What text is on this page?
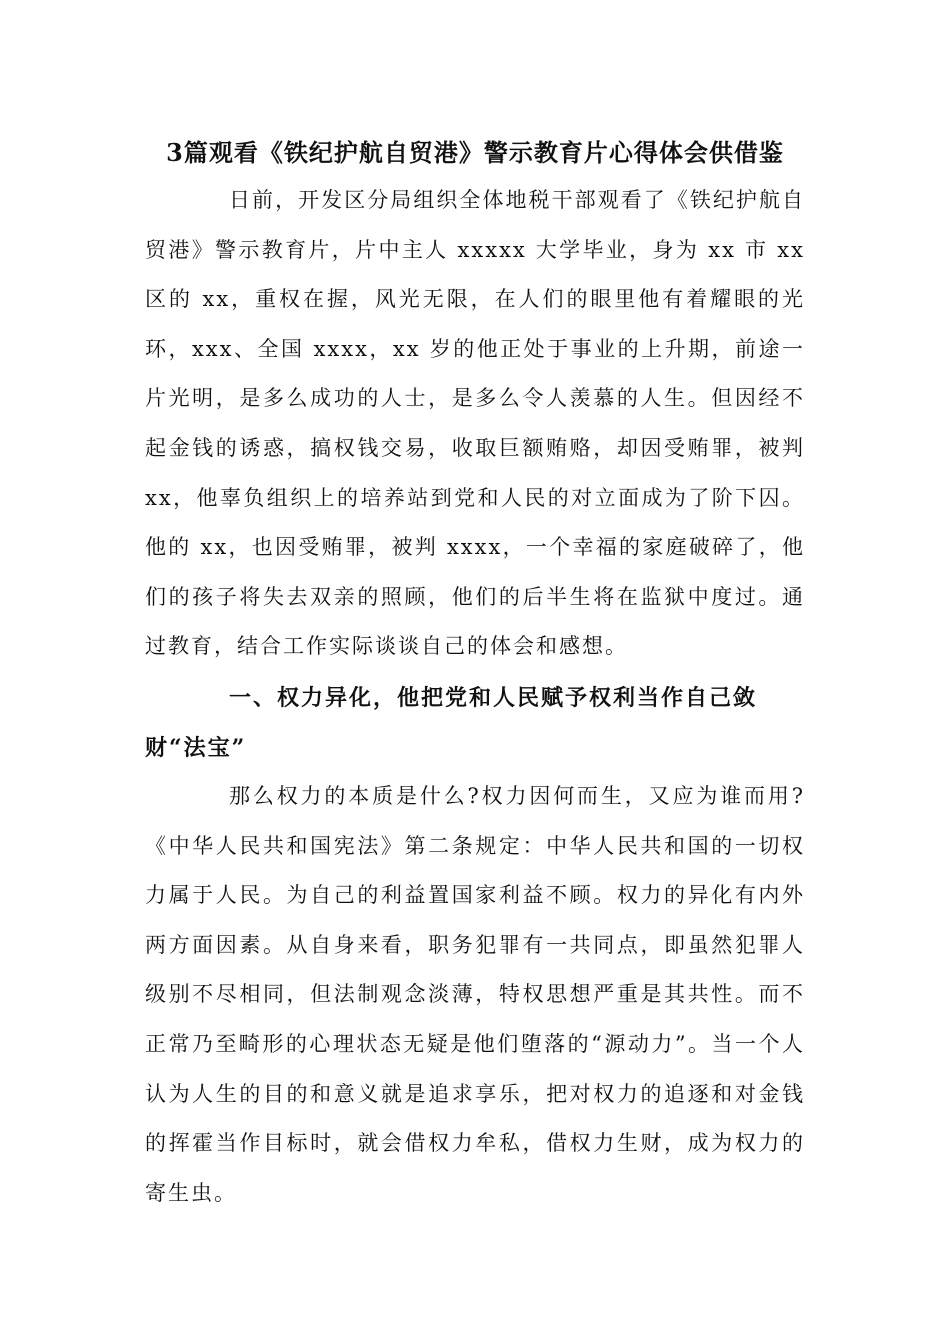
3篇观看《铁纪护航自贸港》警示教育片心得体会供借鉴

日前，开发区分局组织全体地税干部观看了《铁纪护航自贸港》警示教育片，片中主人 xxxxx 大学毕业，身为 xx 市 xx 区的 xx，重权在握，风光无限，在人们的眼里他有着耀眼的光环，xxx、全国 xxxx，xx 岁的他正处于事业的上升期，前途一片光明，是多么成功的人士，是多么令人羡慕的人生。但因经不起金钱的诱惑，搞权钱交易，收取巨额贿赂，却因受贿罪，被判 xx，他辜负组织上的培养站到党和人民的对立面成为了阶下囚。他的 xx，也因受贿罪，被判 xxxx，一个幸福的家庭破碎了，他们的孩子将失去双亲的照顾，他们的后半生将在监狱中度过。通过教育，结合工作实际谈谈自己的体会和感想。

一、权力异化，他把党和人民赋予权利当作自己敛财“法宝”

那么权力的本质是什么?权力因何而生，又应为谁而用?《中华人民共和国宪法》第二条规定：中华人民共和国的一切权力属于人民。为自己的利益置国家利益不顾。权力的异化有内外两方面因素。从自身来看，职务犯罪有一共同点，即虽然犯罪人级别不尽相同，但法制观念淡薄，特权思想严重是其共性。而不正常乃至畸形的心理状态无疑是他们堕落的“源动力”。当一个人认为人生的目的和意义就是追求享乐，把对权力的追逐和对金钱的挥霍当作目标时，就会借权力牟私，借权力生财，成为权力的寄生虫。
